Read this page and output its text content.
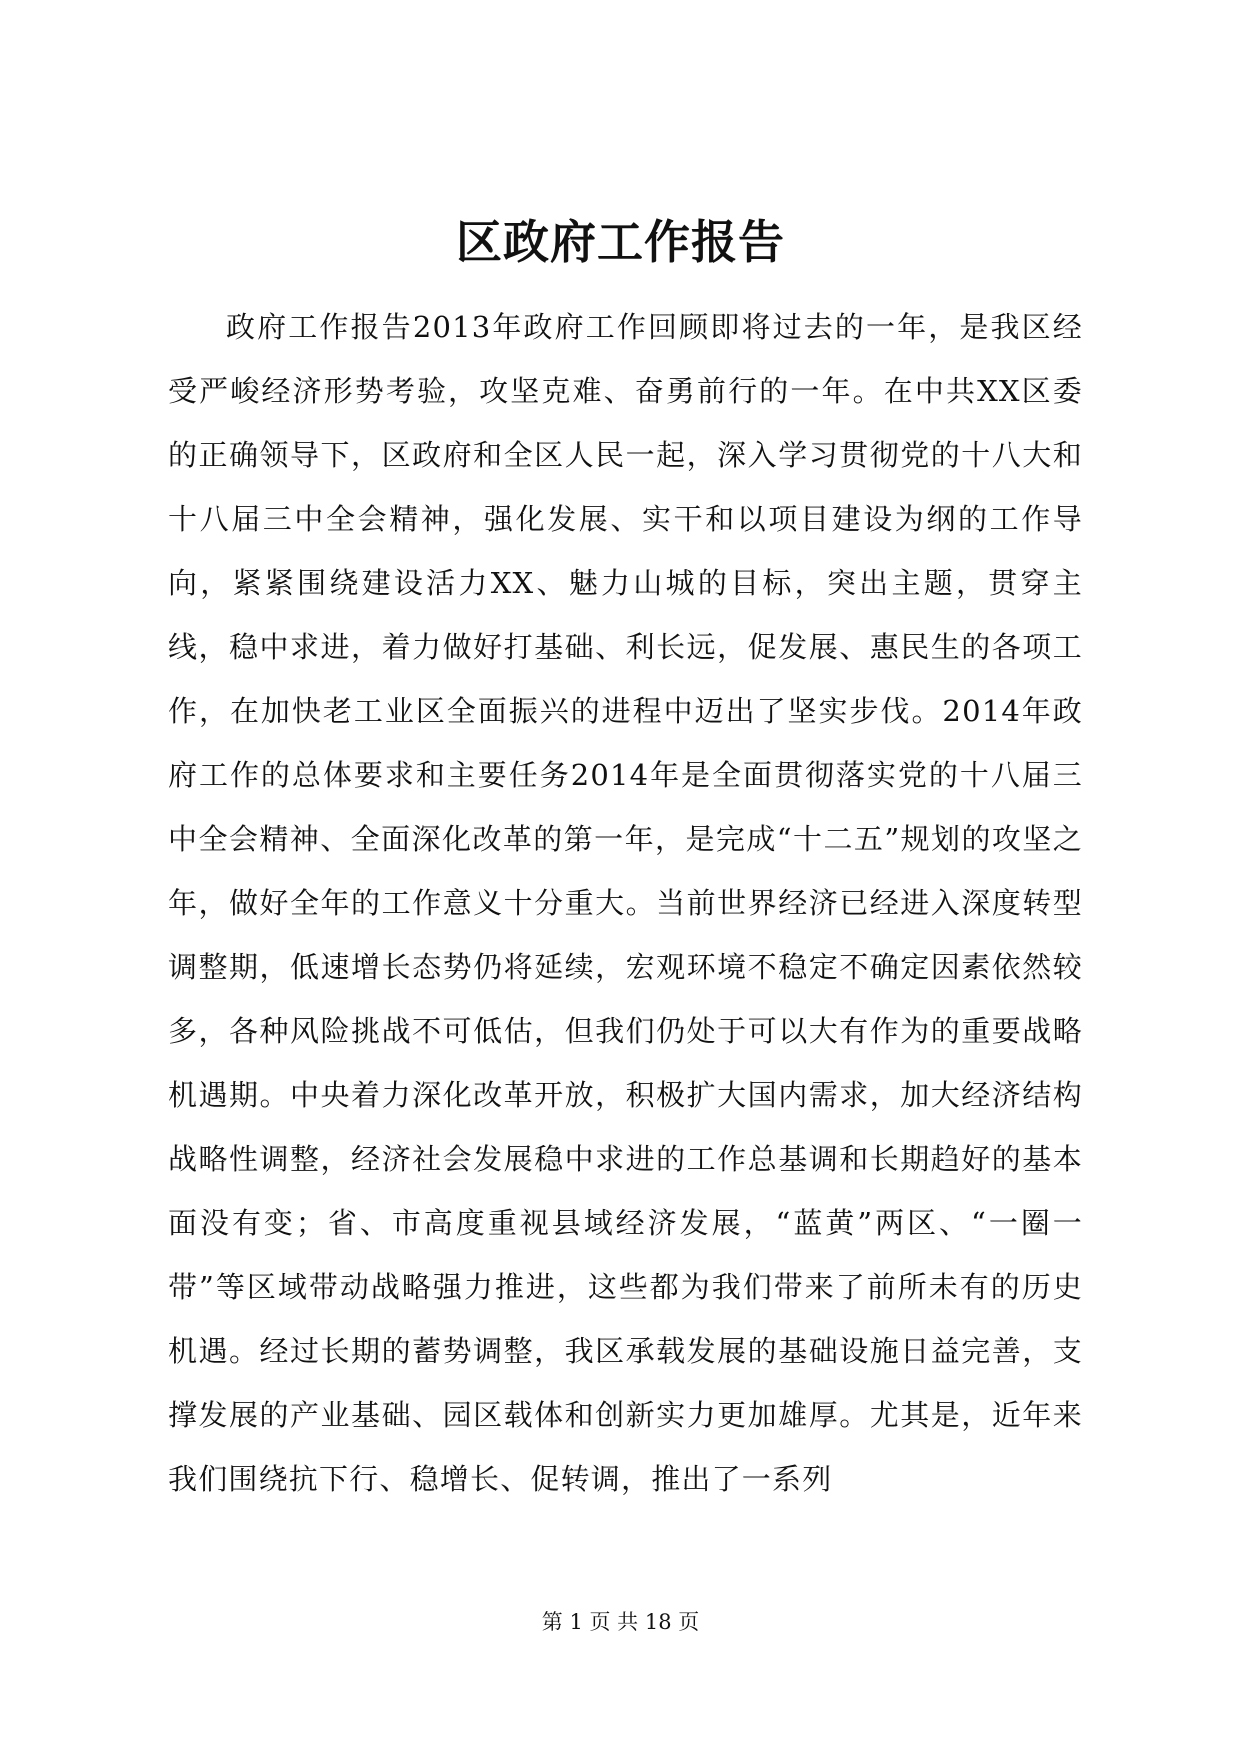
区政府工作报告

政府工作报告2013年政府工作回顾即将过去的一年，是我区经受严峻经济形势考验，攻坚克难、奋勇前行的一年。在中共XX区委的正确领导下，区政府和全区人民一起，深入学习贯彻党的十八大和十八届三中全会精神，强化发展、实干和以项目建设为纲的工作导向，紧紧围绕建设活力XX、魅力山城的目标，突出主题，贯穿主线，稳中求进，着力做好打基础、利长远，促发展、惠民生的各项工作，在加快老工业区全面振兴的进程中迈出了坚实步伐。2014年政府工作的总体要求和主要任务2014年是全面贯彻落实党的十八届三中全会精神、全面深化改革的第一年，是完成“十二五”规划的攻坚之年，做好全年的工作意义十分重大。当前世界经济已经进入深度转型调整期，低速增长态势仍将延续，宏观环境不稳定不确定因素依然较多，各种风险挑战不可低估，但我们仍处于可以大有作为的重要战略机遇期。中央着力深化改革开放，积极扩大国内需求，加大经济结构战略性调整，经济社会发展稳中求进的工作总基调和长期趋好的基本面没有变；省、市高度重视县域经济发展，“蓝黄”两区、“一圈一带”等区域带动战略强力推进，这些都为我们带来了前所未有的历史机遇。经过长期的蓄势调整，我区承载发展的基础设施日益完善，支撑发展的产业基础、园区载体和创新实力更加雄厚。尤其是，近年来我们围绕抗下行、稳增长、促转调，推出了一系列

第 1 页 共 18 页
